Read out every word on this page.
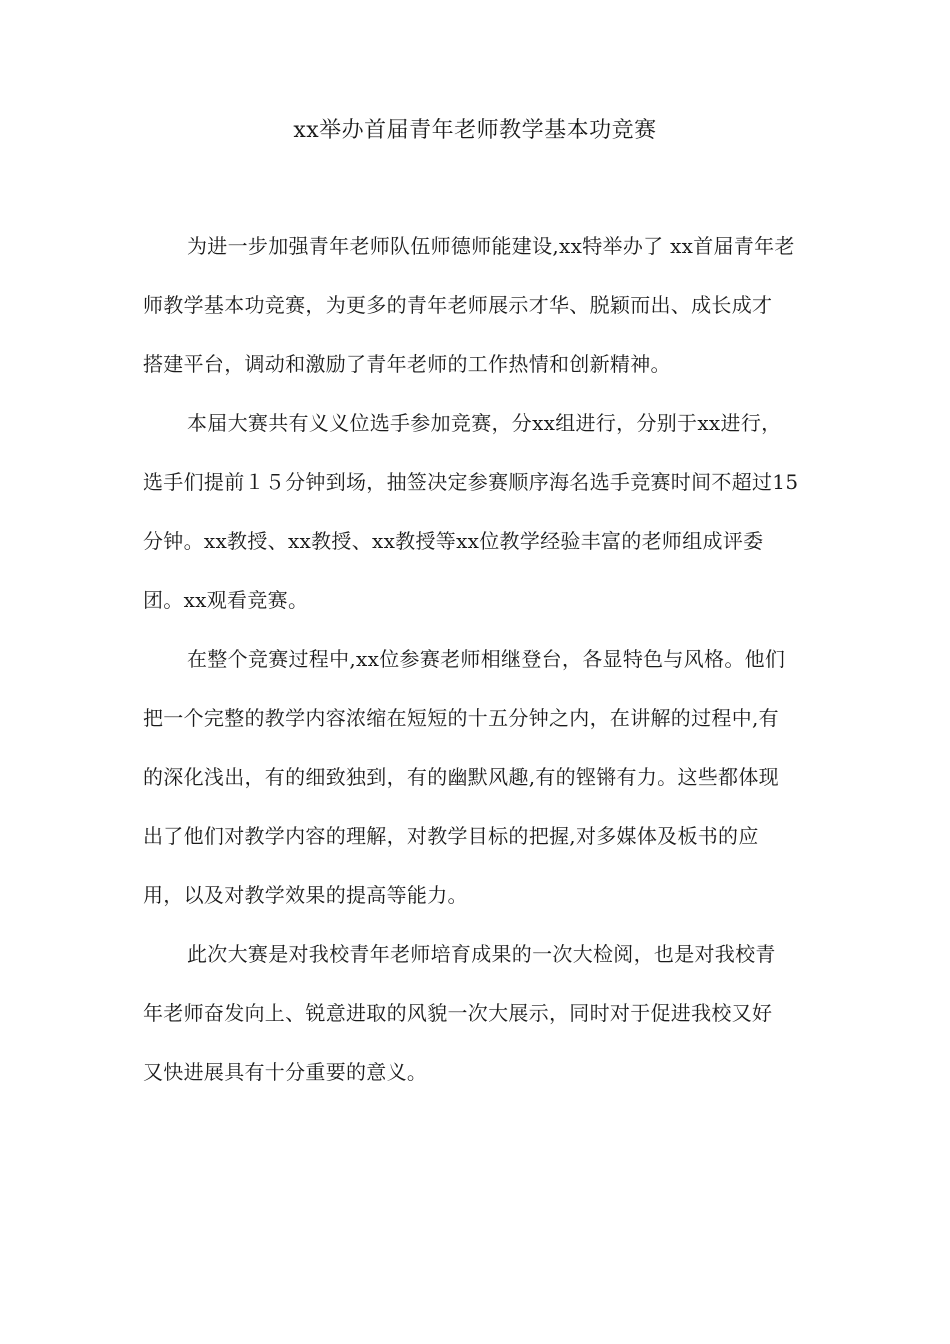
xx举办首届青年老师教学基本功竞赛
为进一步加强青年老师队伍师德师能建设,xx特举办了 xx首届青年老
师教学基本功竞赛，为更多的青年老师展示才华、脱颖而出、成长成才
搭建平台，调动和激励了青年老师的工作热情和创新精神。
本届大赛共有义义位选手参加竞赛，分xx组进行，分别于xx进行，
选手们提前１５分钟到场，抽签决定参赛顺序海名选手竞赛时间不超过15
分钟。xx教授、xx教授、xx教授等xx位教学经验丰富的老师组成评委
团。xx观看竞赛。
在整个竞赛过程中,xx位参赛老师相继登台，各显特色与风格。他们
把一个完整的教学内容浓缩在短短的十五分钟之内，在讲解的过程中,有
的深化浅出，有的细致独到，有的幽默风趣,有的铿锵有力。这些都体现
出了他们对教学内容的理解，对教学目标的把握,对多媒体及板书的应
用，以及对教学效果的提高等能力。
此次大赛是对我校青年老师培育成果的一次大检阅，也是对我校青
年老师奋发向上、锐意进取的风貌一次大展示，同时对于促进我校又好
又快进展具有十分重要的意义。
